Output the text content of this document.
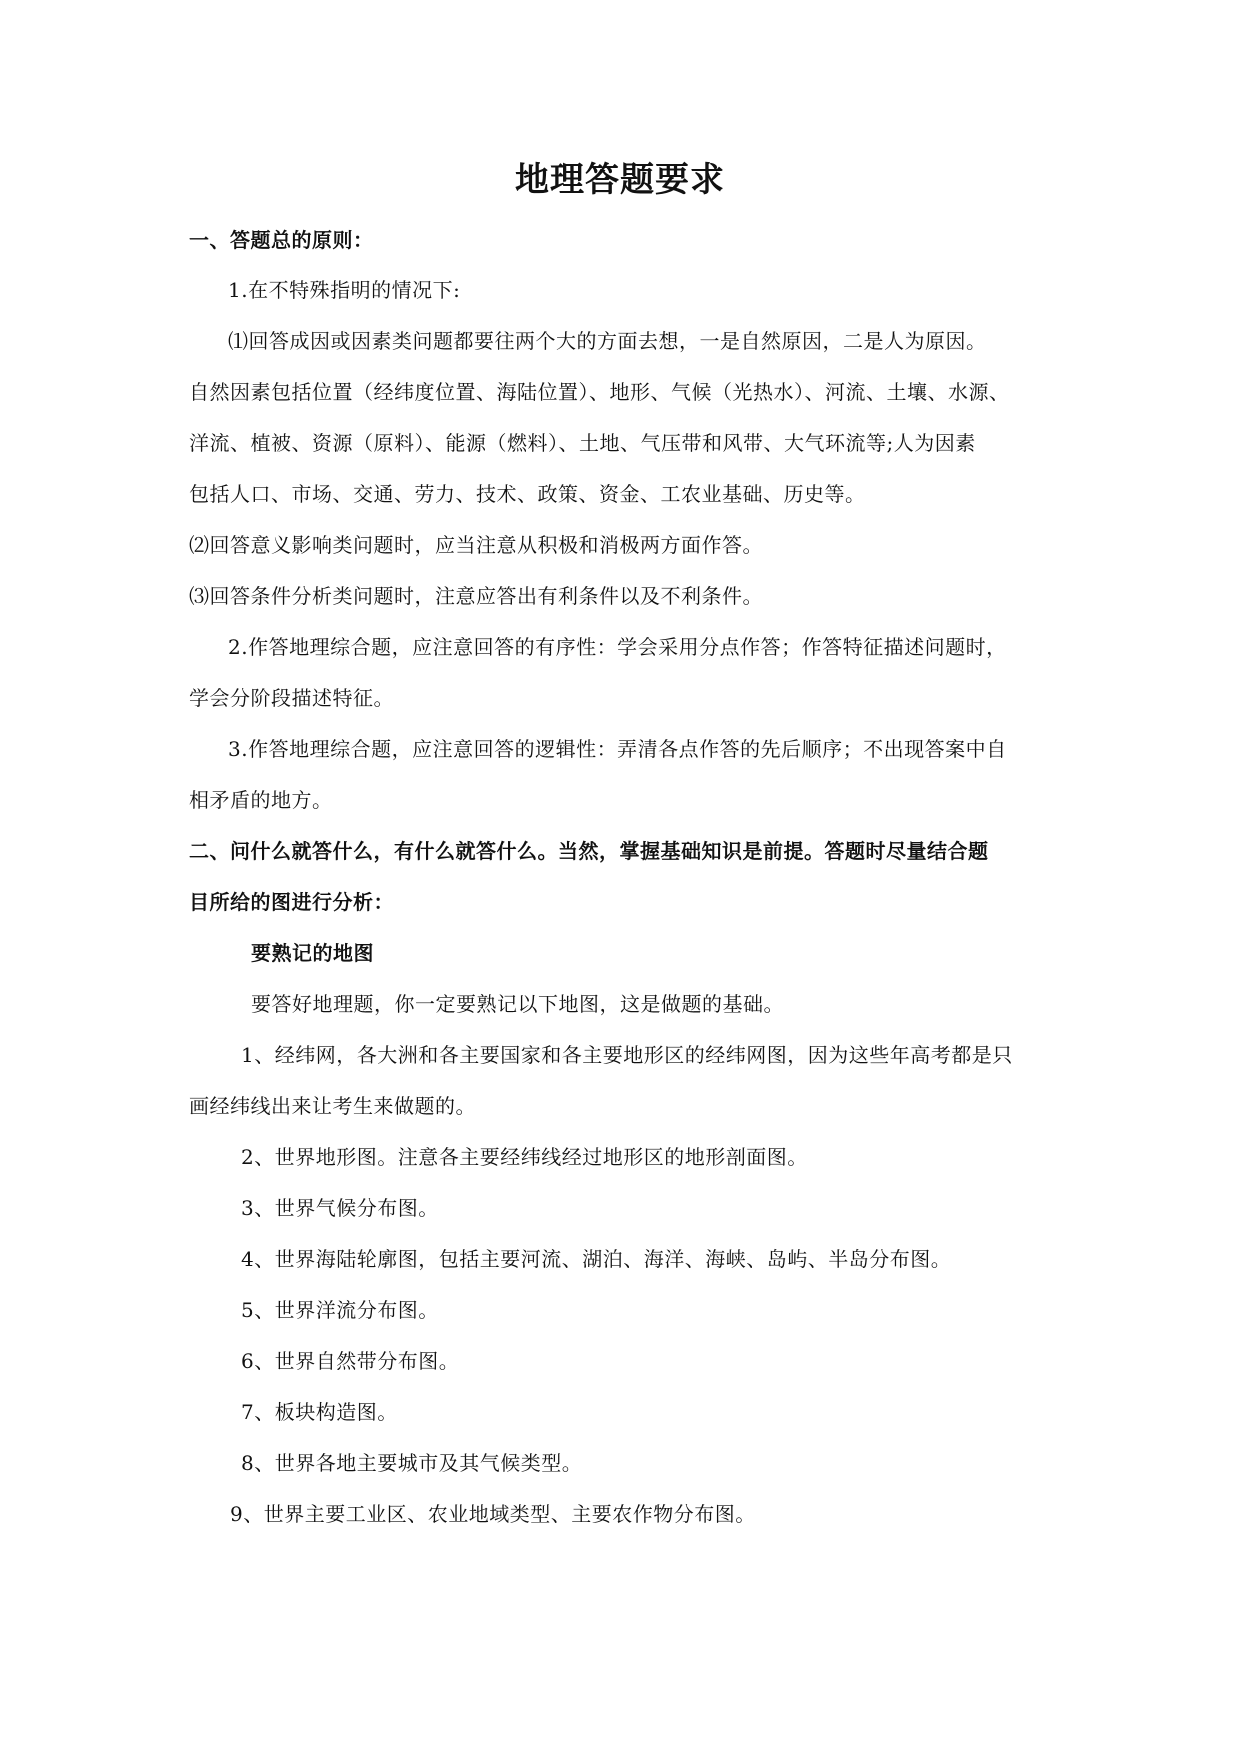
地理答题要求

一、答题总的原则：

1.在不特殊指明的情况下:

⑴回答成因或因素类问题都要往两个大的方面去想，一是自然原因，二是人为原因。

自然因素包括位置（经纬度位置、海陆位置）、地形、气候（光热水）、河流、土壤、水源、

洋流、植被、资源（原料）、能源（燃料）、土地、气压带和风带、大气环流等;人为因素

包括人口、市场、交通、劳力、技术、政策、资金、工农业基础、历史等。

⑵回答意义影响类问题时，应当注意从积极和消极两方面作答。

⑶回答条件分析类问题时，注意应答出有利条件以及不利条件。

2.作答地理综合题，应注意回答的有序性：学会采用分点作答；作答特征描述问题时，

学会分阶段描述特征。

3.作答地理综合题，应注意回答的逻辑性：弄清各点作答的先后顺序；不出现答案中自

相矛盾的地方。

二、问什么就答什么，有什么就答什么。当然，掌握基础知识是前提。答题时尽量结合题

目所给的图进行分析：

要熟记的地图

要答好地理题，你一定要熟记以下地图，这是做题的基础。

1、经纬网，各大洲和各主要国家和各主要地形区的经纬网图，因为这些年高考都是只

画经纬线出来让考生来做题的。

2、世界地形图。注意各主要经纬线经过地形区的地形剖面图。

3、世界气候分布图。

4、世界海陆轮廓图，包括主要河流、湖泊、海洋、海峡、岛屿、半岛分布图。

5、世界洋流分布图。

6、世界自然带分布图。

7、板块构造图。

8、世界各地主要城市及其气候类型。

9、世界主要工业区、农业地域类型、主要农作物分布图。
